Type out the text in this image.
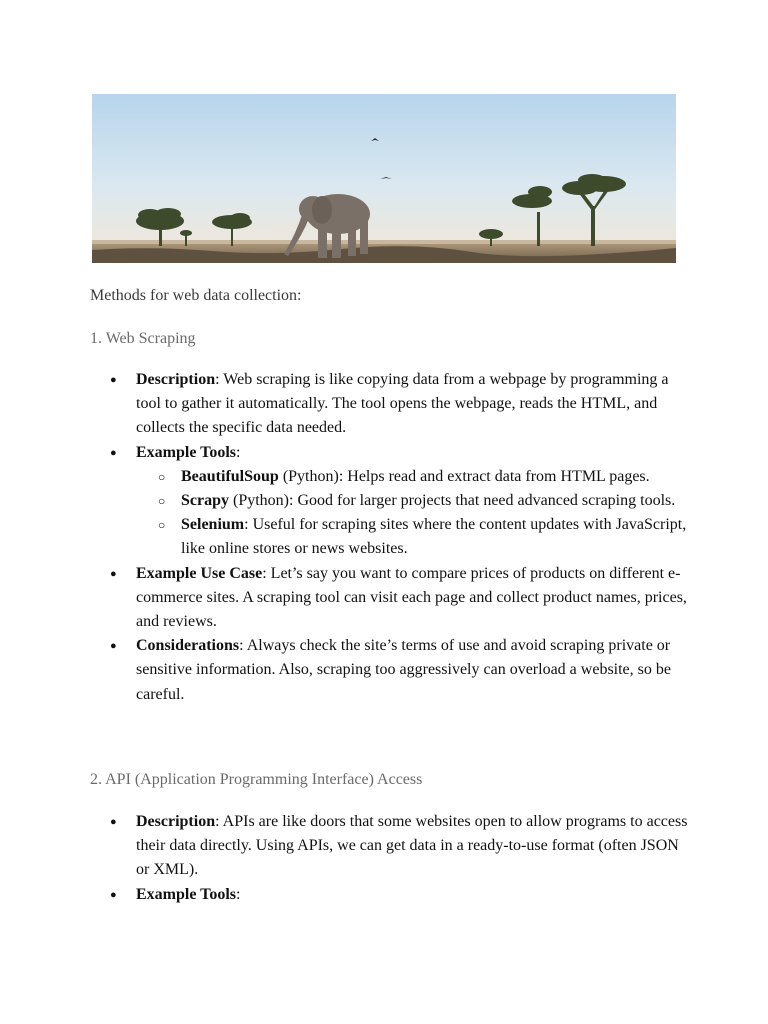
Methods for web data collection:
1. Web Scraping
● Description: Web scraping is like copying data from a webpage by programming a tool to gather it automatically. The tool opens the webpage, reads the HTML, and collects the specific data needed.
● Example Tools:
○ BeautifulSoup (Python): Helps read and extract data from HTML pages.
○ Scrapy (Python): Good for larger projects that need advanced scraping tools.
○ Selenium: Useful for scraping sites where the content updates with JavaScript, like online stores or news websites.
● Example Use Case: Let’s say you want to compare prices of products on different e-commerce sites. A scraping tool can visit each page and collect product names, prices, and reviews.
● Considerations: Always check the site’s terms of use and avoid scraping private or sensitive information. Also, scraping too aggressively can overload a website, so be careful.
2. API (Application Programming Interface) Access
● Description: APIs are like doors that some websites open to allow programs to access their data directly. Using APIs, we can get data in a ready-to-use format (often JSON or XML).
● Example Tools:
